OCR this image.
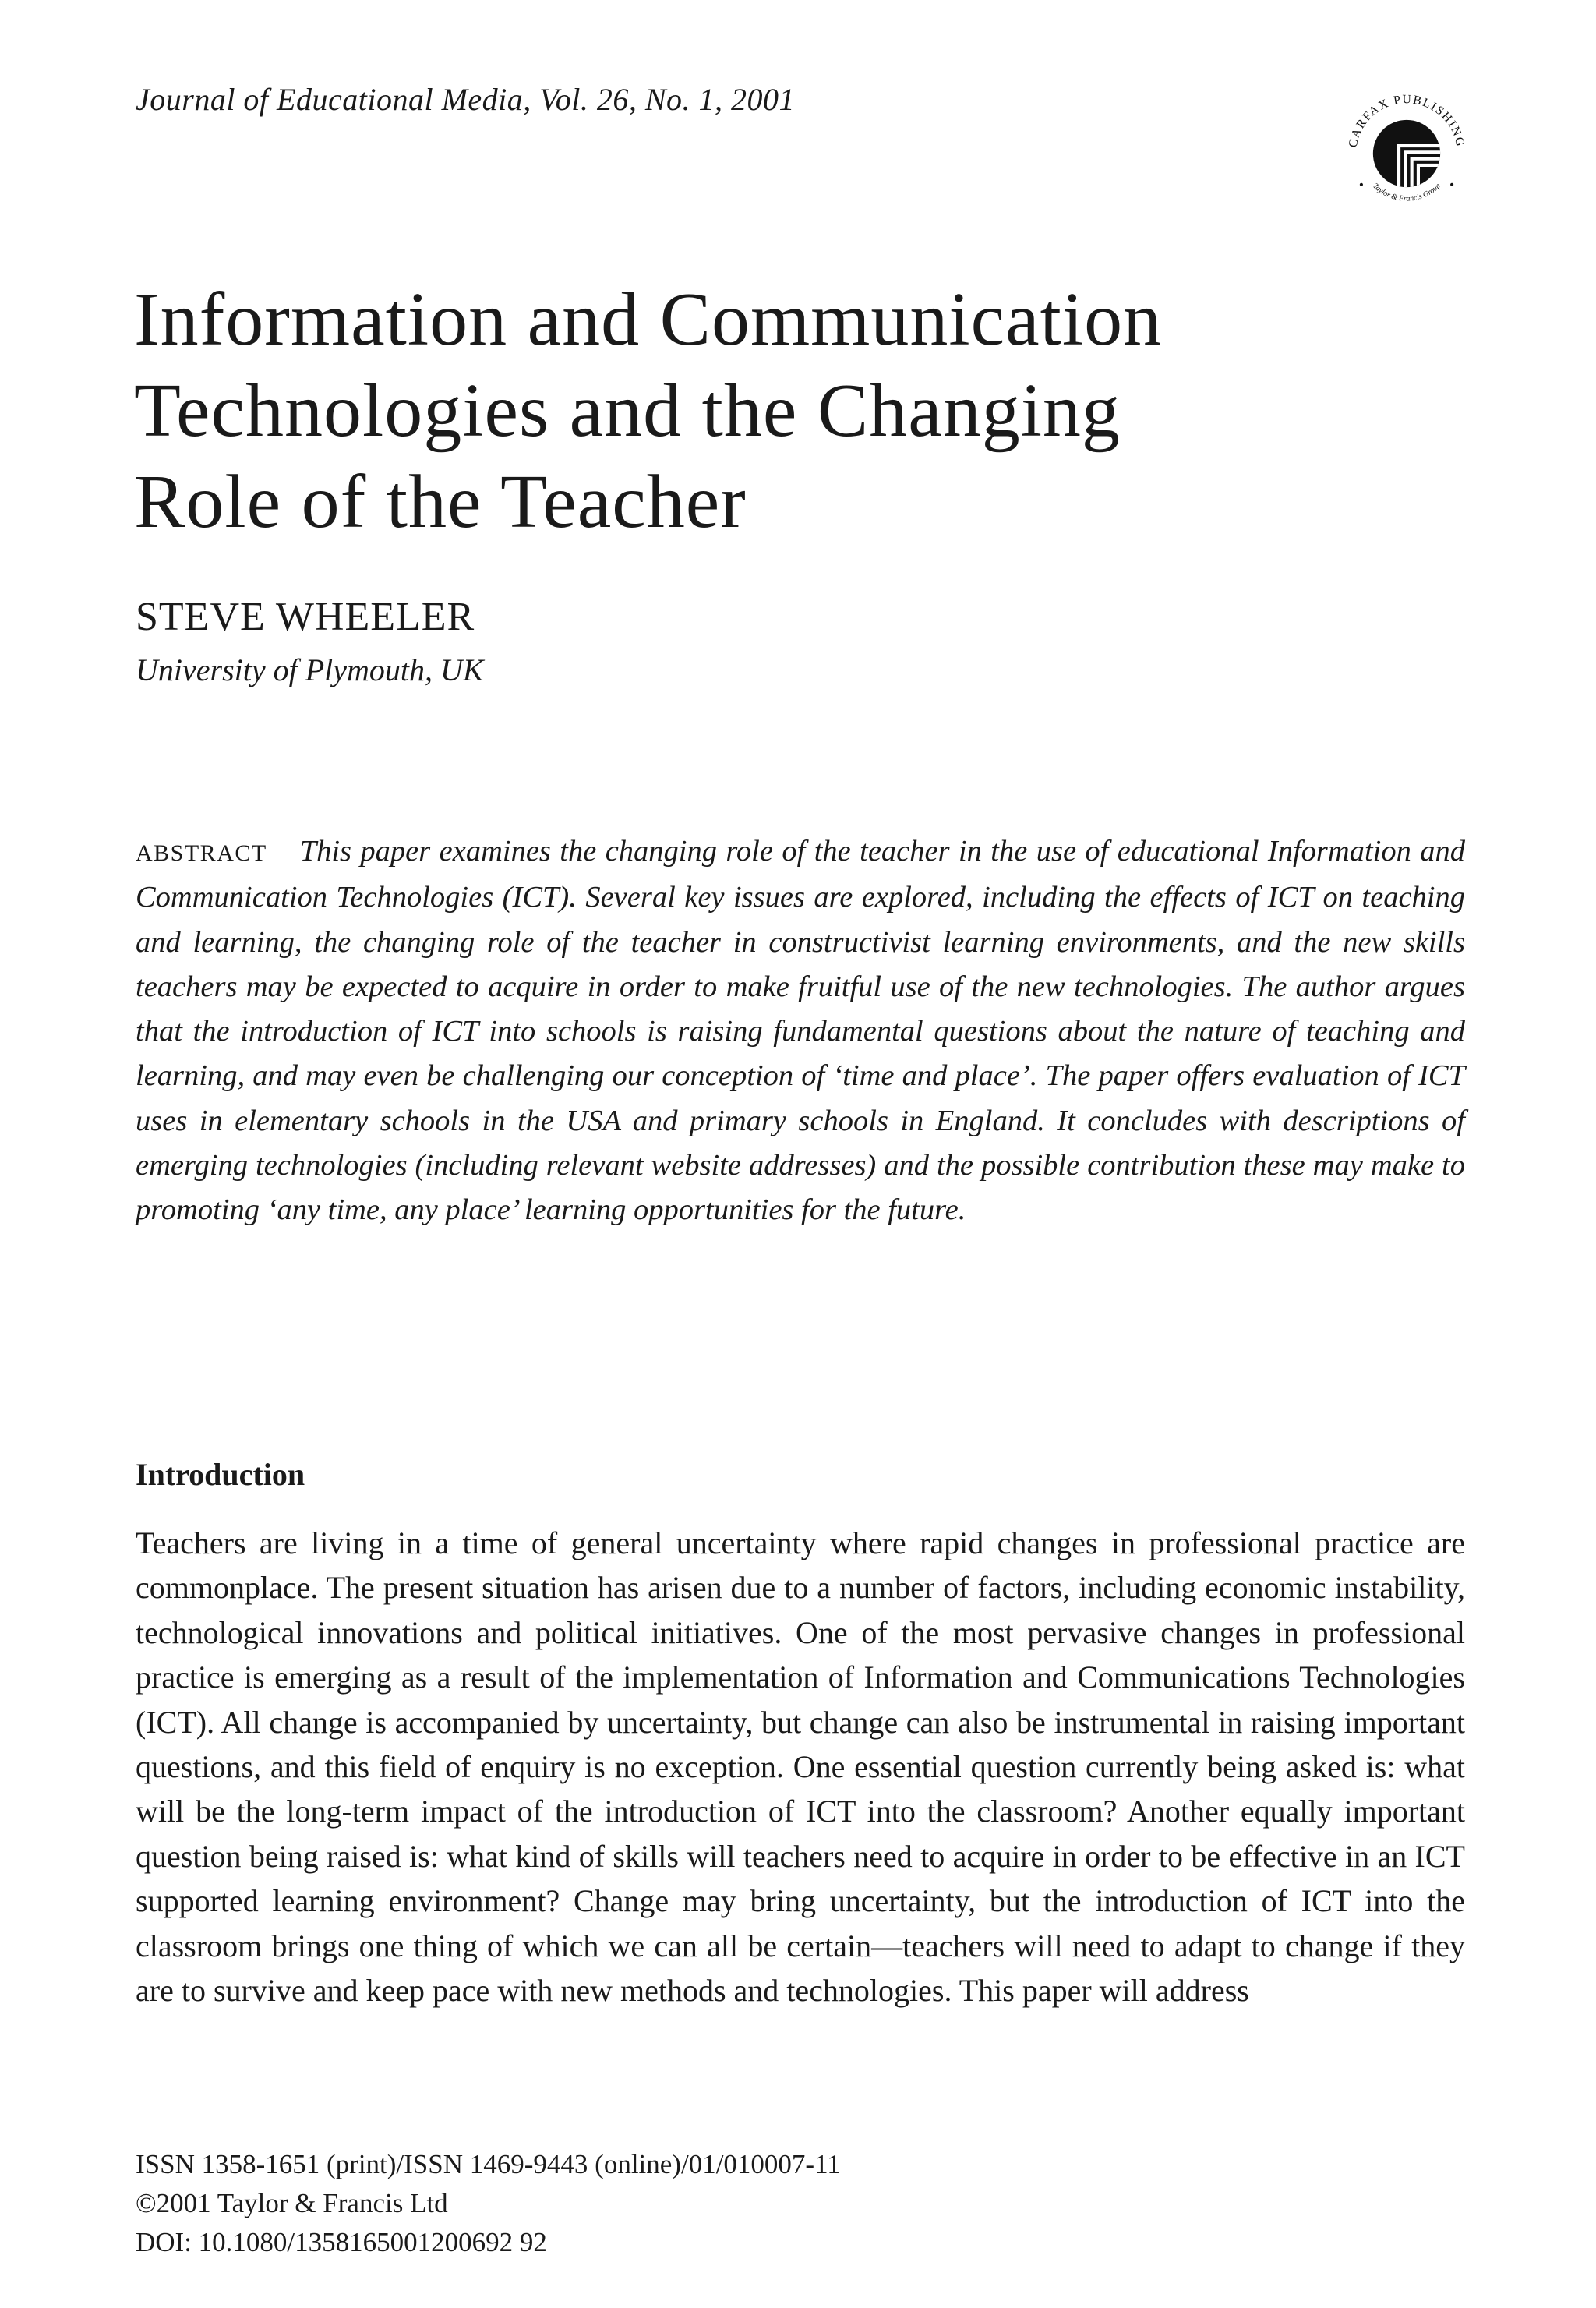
Journal of Educational Media, Vol. 26, No. 1, 2001
CARFAX PUBLISHING
Taylor & Francis Group
Information and Communication
Technologies and the Changing
Role of the Teacher
STEVE WHEELER
University of Plymouth, UK

ABSTRACT This paper examines the changing role of the teacher in the use of educational Information and Communication Technologies (ICT). Several key issues are explored, including the effects of ICT on teaching and learning, the changing role of the teacher in constructivist learning environments, and the new skills teachers may be expected to acquire in order to make fruitful use of the new technologies. The author argues that the introduction of ICT into schools is raising fundamental questions about the nature of teaching and learning, and may even be challenging our conception of ‘time and place’. The paper offers evaluation of ICT uses in elementary schools in the USA and primary schools in England. It concludes with descriptions of emerging technologies (including relevant website addresses) and the possible contribution these may make to promoting ‘any time, any place’ learning opportunities for the future.

Introduction

Teachers are living in a time of general uncertainty where rapid changes in professional practice are commonplace. The present situation has arisen due to a number of factors, including economic instability, technological innovations and political initiatives. One of the most pervasive changes in professional practice is emerging as a result of the implementation of Information and Communications Technologies (ICT). All change is accompanied by uncertainty, but change can also be instrumental in raising important questions, and this field of enquiry is no exception. One essential question currently being asked is: what will be the long-term impact of the introduction of ICT into the classroom? Another equally important question being raised is: what kind of skills will teachers need to acquire in order to be effective in an ICT supported learning environment? Change may bring uncertainty, but the introduction of ICT into the classroom brings one thing of which we can all be certain—teachers will need to adapt to change if they are to survive and keep pace with new methods and technologies. This paper will address

ISSN 1358-1651 (print)/ISSN 1469-9443 (online)/01/010007-11
©2001 Taylor & Francis Ltd
DOI: 10.1080/1358165001200692 92
